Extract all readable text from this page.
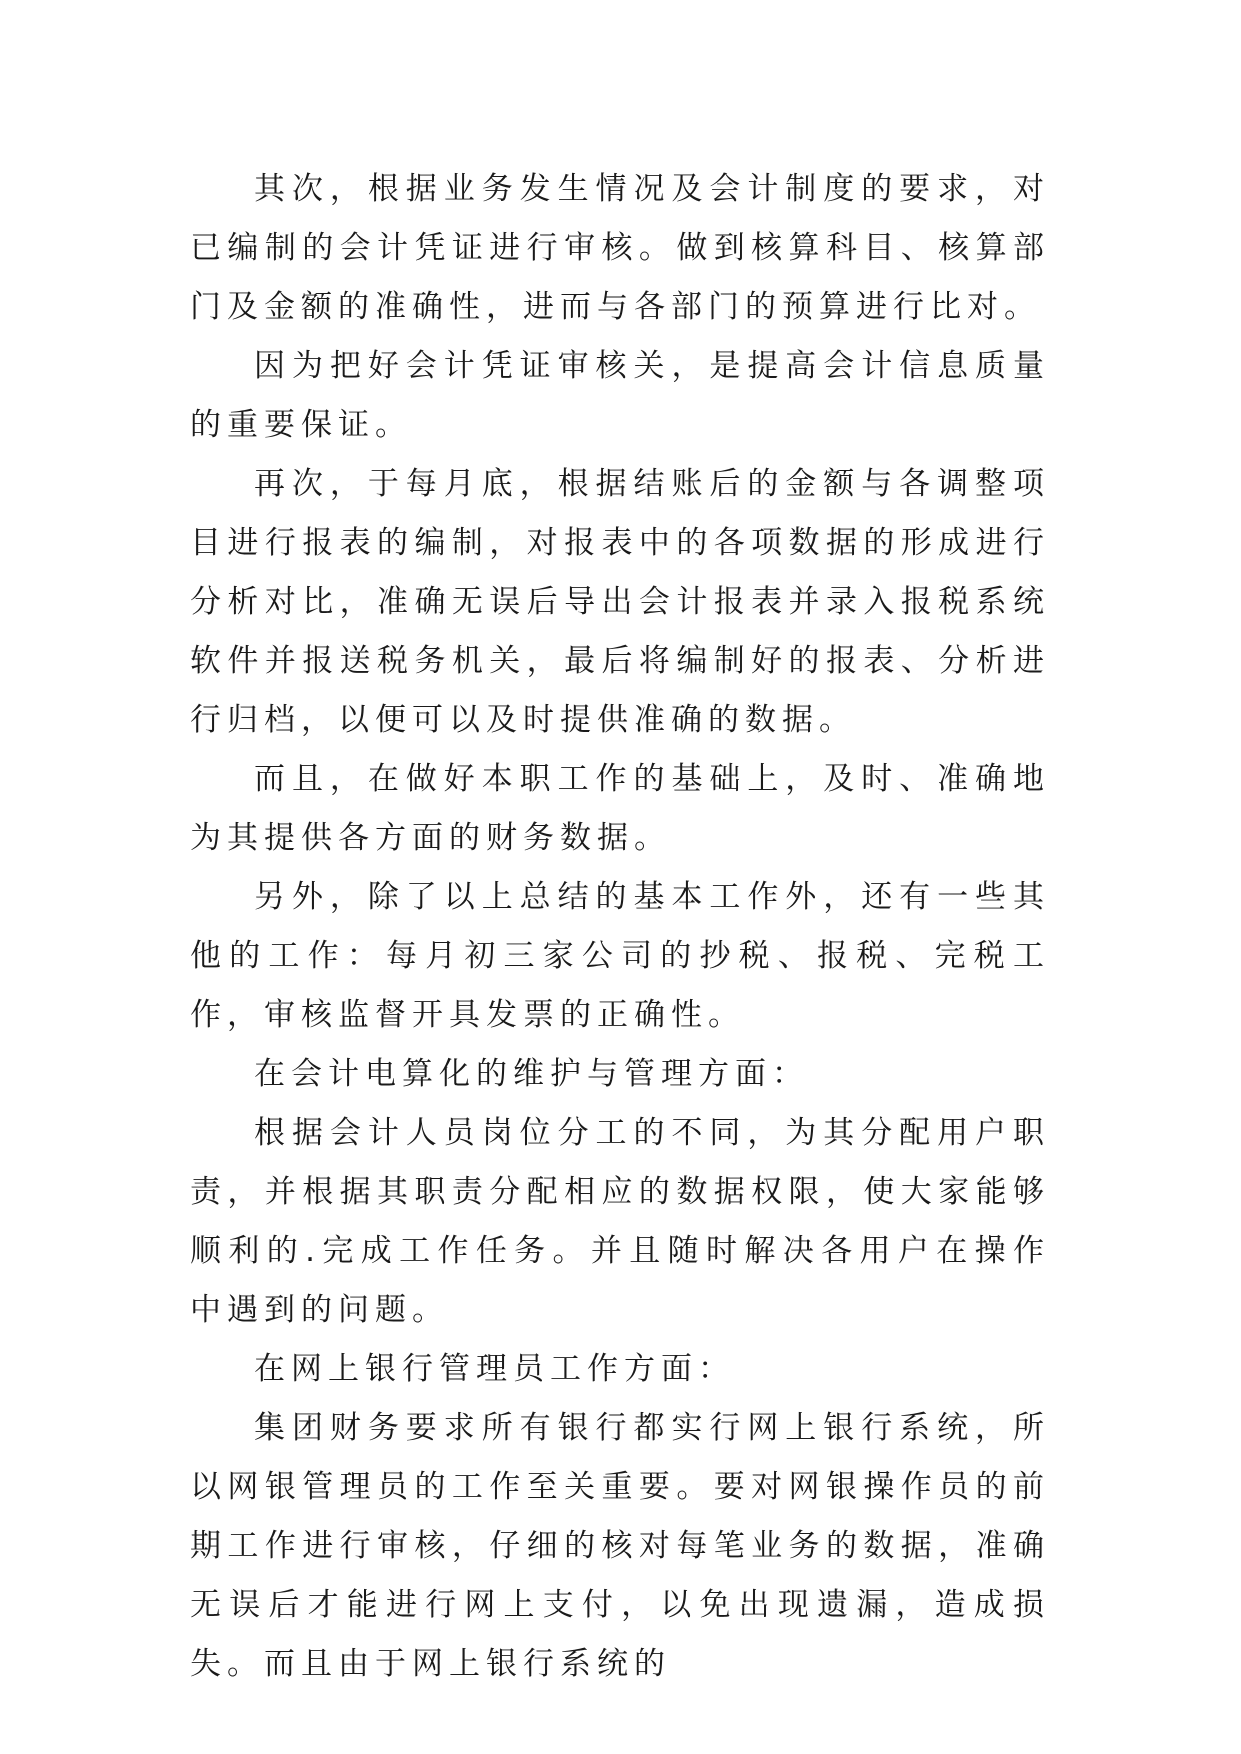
其次，根据业务发生情况及会计制度的要求，对已编制的会计凭证进行审核。做到核算科目、核算部门及金额的准确性，进而与各部门的预算进行比对。

因为把好会计凭证审核关，是提高会计信息质量的重要保证。

再次，于每月底，根据结账后的金额与各调整项目进行报表的编制，对报表中的各项数据的形成进行分析对比，准确无误后导出会计报表并录入报税系统软件并报送税务机关，最后将编制好的报表、分析进行归档，以便可以及时提供准确的数据。

而且，在做好本职工作的基础上，及时、准确地为其提供各方面的财务数据。

另外，除了以上总结的基本工作外，还有一些其他的工作：每月初三家公司的抄税、报税、完税工作，审核监督开具发票的正确性。

在会计电算化的维护与管理方面：

根据会计人员岗位分工的不同，为其分配用户职责，并根据其职责分配相应的数据权限，使大家能够顺利的.完成工作任务。并且随时解决各用户在操作中遇到的问题。

在网上银行管理员工作方面：

集团财务要求所有银行都实行网上银行系统，所以网银管理员的工作至关重要。要对网银操作员的前期工作进行审核，仔细的核对每笔业务的数据，准确无误后才能进行网上支付，以免出现遗漏，造成损失。而且由于网上银行系统的
